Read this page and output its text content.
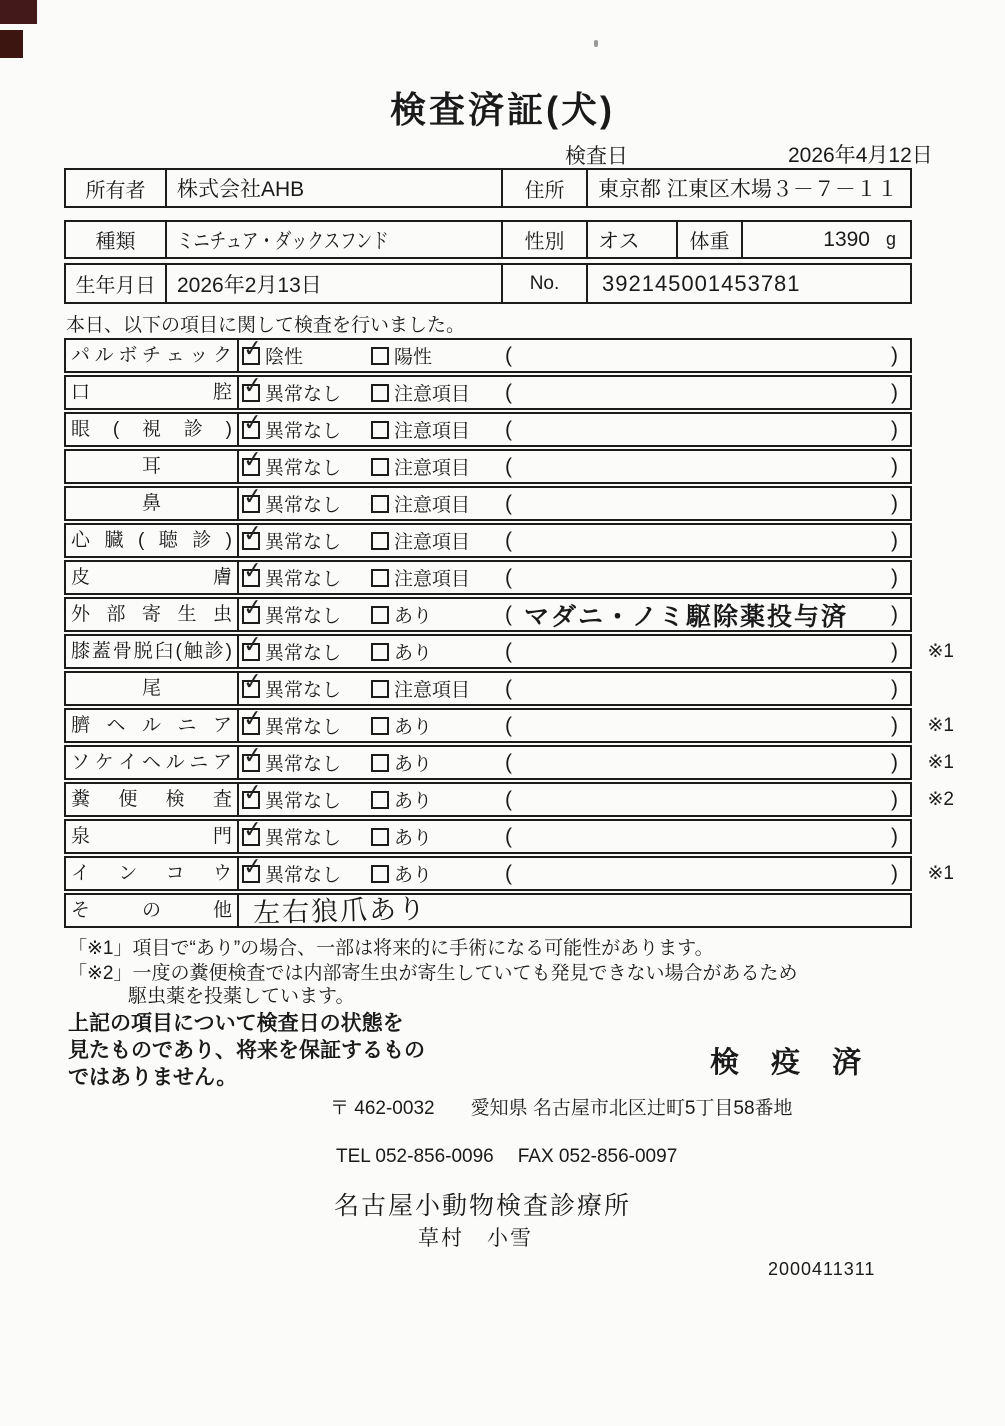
検査済証(犬)
検査日	2026年4月12日
所有者	株式会社AHB	住所	東京都 江東区木場３－７－１１
種類	ミニチュア・ダックスフンド	性別	オス	体重	1390 g
生年月日	2026年2月13日	No.	392145001453781
本日、以下の項目に関して検査を行いました。
パ ル ボ チ ェ ッ ク ✓ 陰性	陽性	(	)
口	腔 ✓ 異常なし	注意項目 (	)
眼 ( 視 診 ) ✓ 異常なし	注意項目 (	)
耳	✓ 異常なし	注意項目 (	)
鼻	✓ 異常なし	注意項目 (	)
心 臓 ( 聴 診 ) ✓ 異常なし	注意項目 (	)
皮	膚 ✓ 異常なし	注意項目 (	)
外 部 寄 生 虫 ✓ 異常なし	あり	( マダニ・ノミ駆除薬投与済 )
膝 蓋 骨 脱 臼 ( 触 診 ) ✓ 異常なし	あり	(	) ※1
尾	✓ 異常なし	注意項目 (	)
臍 ヘ ル ニ ア ✓ 異常なし	あり	(	) ※1
ソ ケ イ ヘ ル ニ ア ✓ 異常なし	あり	(	) ※1
糞 便 検 査 ✓ 異常なし	あり	(	) ※2
泉	門 ✓ 異常なし	あり	(	)
イ ン コ ウ ✓ 異常なし	あり	(	) ※1
そ	の	他 左右狼爪あり
「※1」項目で“あり”の場合、一部は将来的に手術になる可能性があります。
「※2」一度の糞便検査では内部寄生虫が寄生していても発見できない場合があるため
駆虫薬を投薬しています。
上記の項目について検査日の状態を
見たものであり、将来を保証するもの
ではありません。	検 疫 済
〒 462-0032 愛知県 名古屋市北区辻町5丁目58番地
TEL 052-856-0096 FAX 052-856-0097
名古屋小動物検査診療所
草村　小雪
2000411311
